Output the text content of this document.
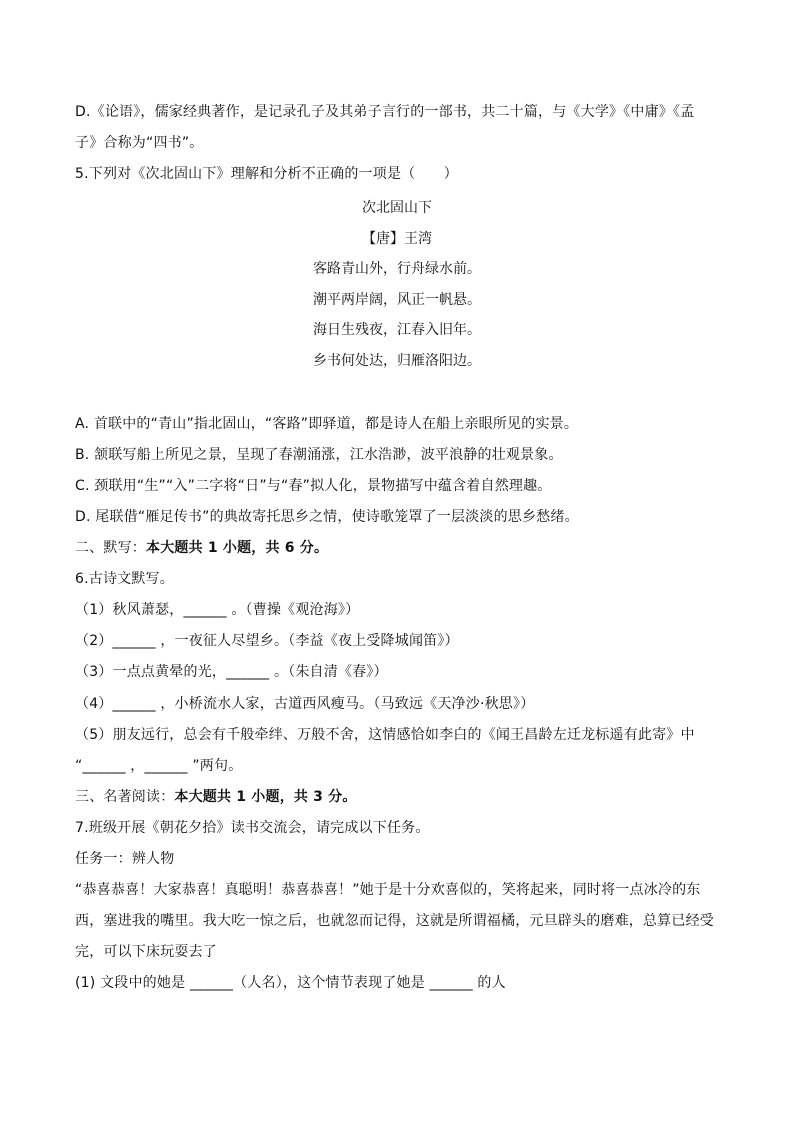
D.《论语》，儒家经典著作，是记录孔子及其弟子言行的一部书，共二十篇，与《大学》《中庸》《孟
子》合称为“四书”。
5.下列对《次北固山下》理解和分析不正确的一项是（　　）
次北固山下
【唐】王湾
客路青山外，行舟绿水前。
潮平两岸阔，风正一帆悬。
海日生残夜，江春入旧年。
乡书何处达，归雁洛阳边。
A. 首联中的“青山”指北固山，“客路”即驿道，都是诗人在船上亲眼所见的实景。
B. 颔联写船上所见之景，呈现了春潮涌涨，江水浩渺，波平浪静的壮观景象。
C. 颈联用“生”“入”二字将“日”与“春”拟人化，景物描写中蕴含着自然理趣。
D. 尾联借“雁足传书”的典故寄托思乡之情，使诗歌笼罩了一层淡淡的思乡愁绪。
二、默写：本大题共 1 小题，共 6 分。
6.古诗文默写。
（1）秋风萧瑟，______ 。（曹操《观沧海》）
（2）______ ，一夜征人尽望乡。（李益《夜上受降城闻笛》）
（3）一点点黄晕的光，______ 。（朱自清《春》）
（4）______ ，小桥流水人家，古道西风瘦马。（马致远《天净沙·秋思》）
（5）朋友远行，总会有千般牵绊、万般不舍，这情感恰如李白的《闻王昌龄左迁龙标遥有此寄》中
“______ ，______ ”两句。
三、名著阅读：本大题共 1 小题，共 3 分。
7.班级开展《朝花夕拾》读书交流会，请完成以下任务。
任务一：辨人物
“恭喜恭喜！大家恭喜！真聪明！恭喜恭喜！”她于是十分欢喜似的，笑将起来，同时将一点冰冷的东
西，塞进我的嘴里。我大吃一惊之后，也就忽而记得，这就是所谓福橘，元旦辟头的磨难，总算已经受
完，可以下床玩耍去了
(1) 文段中的她是 ______（人名），这个情节表现了她是 ______ 的人
